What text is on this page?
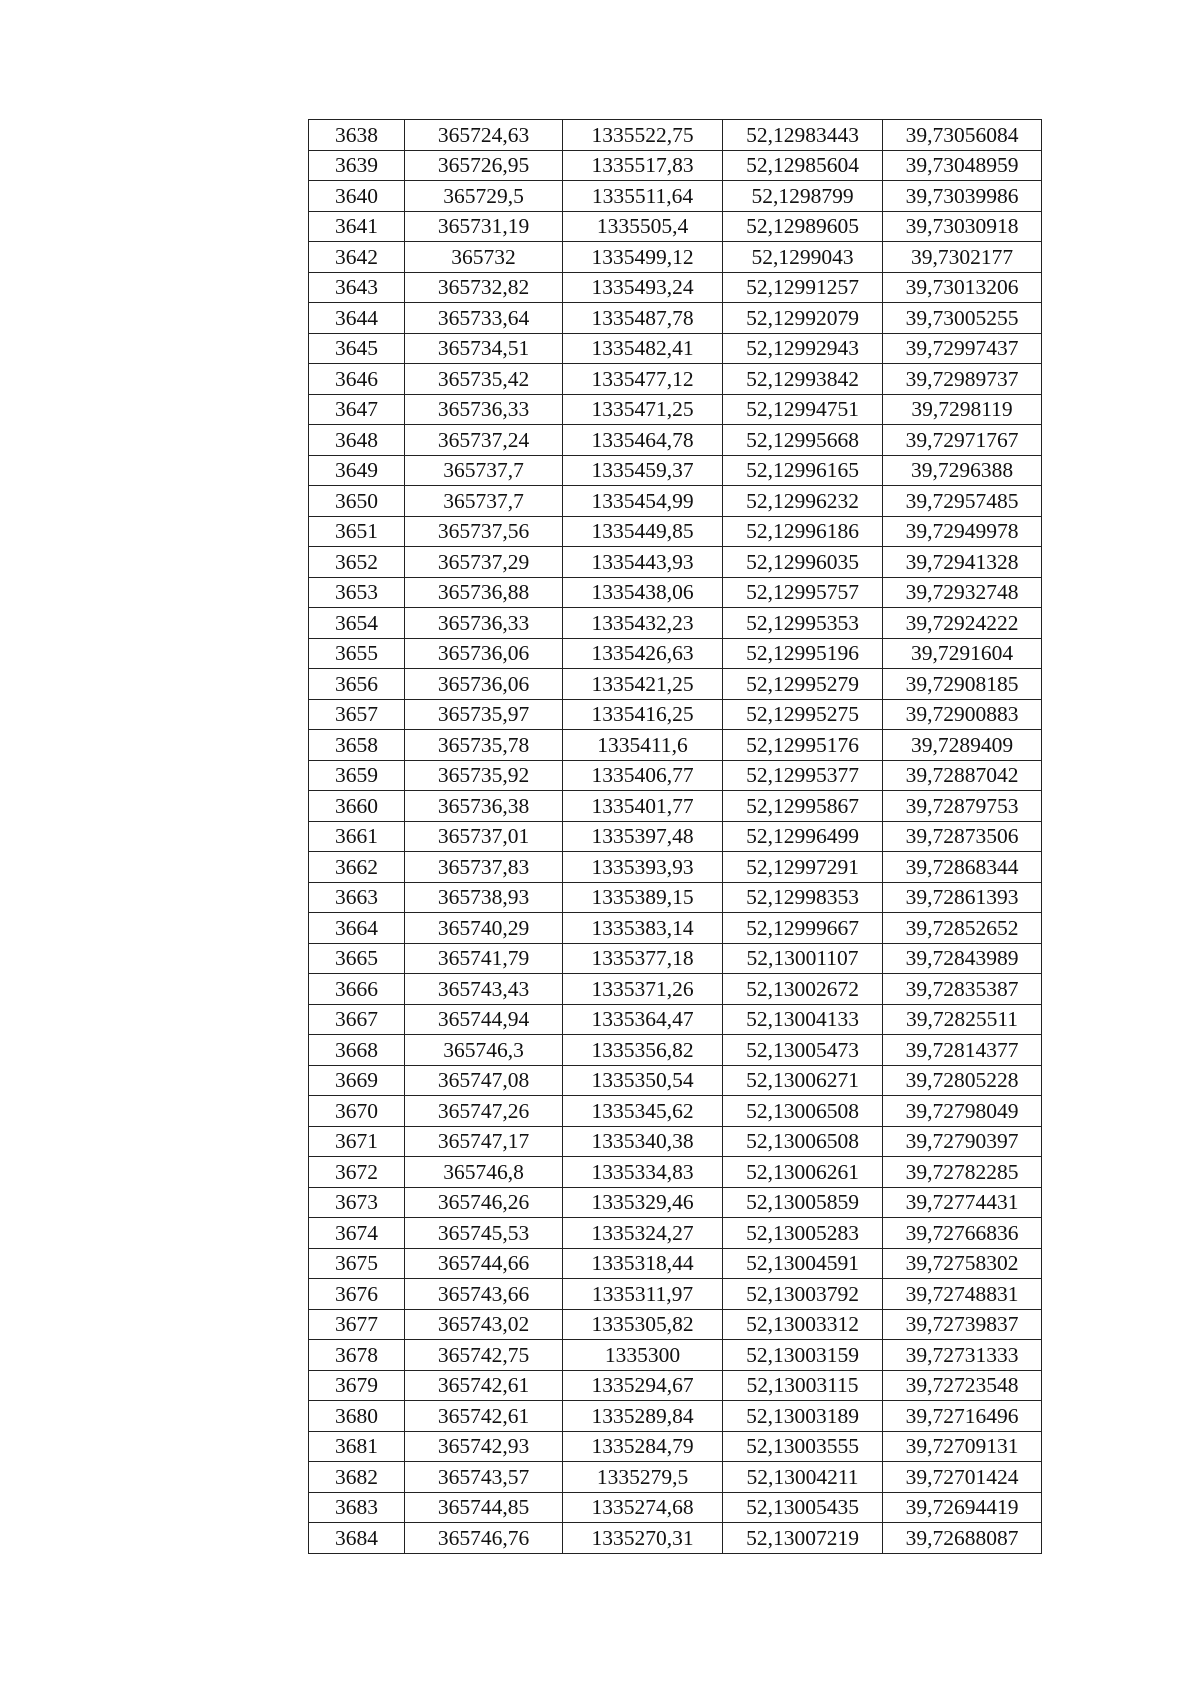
3638	365724,63	1335522,75	52,12983443	39,73056084
3639	365726,95	1335517,83	52,12985604	39,73048959
3640	365729,5	1335511,64	52,1298799	39,73039986
3641	365731,19	1335505,4	52,12989605	39,73030918
3642	365732	1335499,12	52,1299043	39,7302177
3643	365732,82	1335493,24	52,12991257	39,73013206
3644	365733,64	1335487,78	52,12992079	39,73005255
3645	365734,51	1335482,41	52,12992943	39,72997437
3646	365735,42	1335477,12	52,12993842	39,72989737
3647	365736,33	1335471,25	52,12994751	39,7298119
3648	365737,24	1335464,78	52,12995668	39,72971767
3649	365737,7	1335459,37	52,12996165	39,7296388
3650	365737,7	1335454,99	52,12996232	39,72957485
3651	365737,56	1335449,85	52,12996186	39,72949978
3652	365737,29	1335443,93	52,12996035	39,72941328
3653	365736,88	1335438,06	52,12995757	39,72932748
3654	365736,33	1335432,23	52,12995353	39,72924222
3655	365736,06	1335426,63	52,12995196	39,7291604
3656	365736,06	1335421,25	52,12995279	39,72908185
3657	365735,97	1335416,25	52,12995275	39,72900883
3658	365735,78	1335411,6	52,12995176	39,7289409
3659	365735,92	1335406,77	52,12995377	39,72887042
3660	365736,38	1335401,77	52,12995867	39,72879753
3661	365737,01	1335397,48	52,12996499	39,72873506
3662	365737,83	1335393,93	52,12997291	39,72868344
3663	365738,93	1335389,15	52,12998353	39,72861393
3664	365740,29	1335383,14	52,12999667	39,72852652
3665	365741,79	1335377,18	52,13001107	39,72843989
3666	365743,43	1335371,26	52,13002672	39,72835387
3667	365744,94	1335364,47	52,13004133	39,72825511
3668	365746,3	1335356,82	52,13005473	39,72814377
3669	365747,08	1335350,54	52,13006271	39,72805228
3670	365747,26	1335345,62	52,13006508	39,72798049
3671	365747,17	1335340,38	52,13006508	39,72790397
3672	365746,8	1335334,83	52,13006261	39,72782285
3673	365746,26	1335329,46	52,13005859	39,72774431
3674	365745,53	1335324,27	52,13005283	39,72766836
3675	365744,66	1335318,44	52,13004591	39,72758302
3676	365743,66	1335311,97	52,13003792	39,72748831
3677	365743,02	1335305,82	52,13003312	39,72739837
3678	365742,75	1335300	52,13003159	39,72731333
3679	365742,61	1335294,67	52,13003115	39,72723548
3680	365742,61	1335289,84	52,13003189	39,72716496
3681	365742,93	1335284,79	52,13003555	39,72709131
3682	365743,57	1335279,5	52,13004211	39,72701424
3683	365744,85	1335274,68	52,13005435	39,72694419
3684	365746,76	1335270,31	52,13007219	39,72688087
